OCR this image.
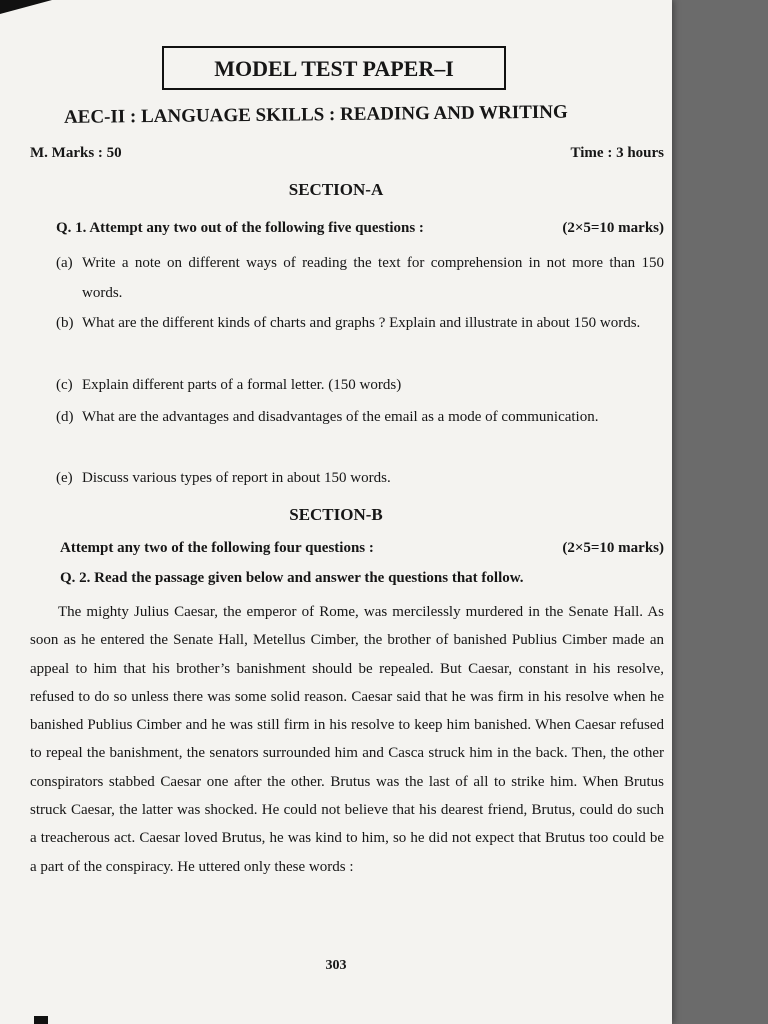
MODEL TEST PAPER–I
AEC-II : LANGUAGE SKILLS : READING AND WRITING
M. Marks : 50	Time : 3 hours
SECTION-A
Q. 1. Attempt any two out of the following five questions :	(2×5=10 marks)
(a) Write a note on different ways of reading the text for comprehension in not more than 150 words.
(b) What are the different kinds of charts and graphs ? Explain and illustrate in about 150 words.
(c) Explain different parts of a formal letter. (150 words)
(d) What are the advantages and disadvantages of the email as a mode of communication.
(e) Discuss various types of report in about 150 words.
SECTION-B
Attempt any two of the following four questions :	(2×5=10 marks)
Q. 2. Read the passage given below and answer the questions that follow.
The mighty Julius Caesar, the emperor of Rome, was mercilessly murdered in the Senate Hall. As soon as he entered the Senate Hall, Metellus Cimber, the brother of banished Publius Cimber made an appeal to him that his brother’s banishment should be repealed. But Caesar, constant in his resolve, refused to do so unless there was some solid reason. Caesar said that he was firm in his resolve when he banished Publius Cimber and he was still firm in his resolve to keep him banished. When Caesar refused to repeal the banishment, the senators surrounded him and Casca struck him in the back. Then, the other conspirators stabbed Caesar one after the other. Brutus was the last of all to strike him. When Brutus struck Caesar, the latter was shocked. He could not believe that his dearest friend, Brutus, could do such a treacherous act. Caesar loved Brutus, he was kind to him, so he did not expect that Brutus too could be a part of the conspiracy. He uttered only these words :
303
